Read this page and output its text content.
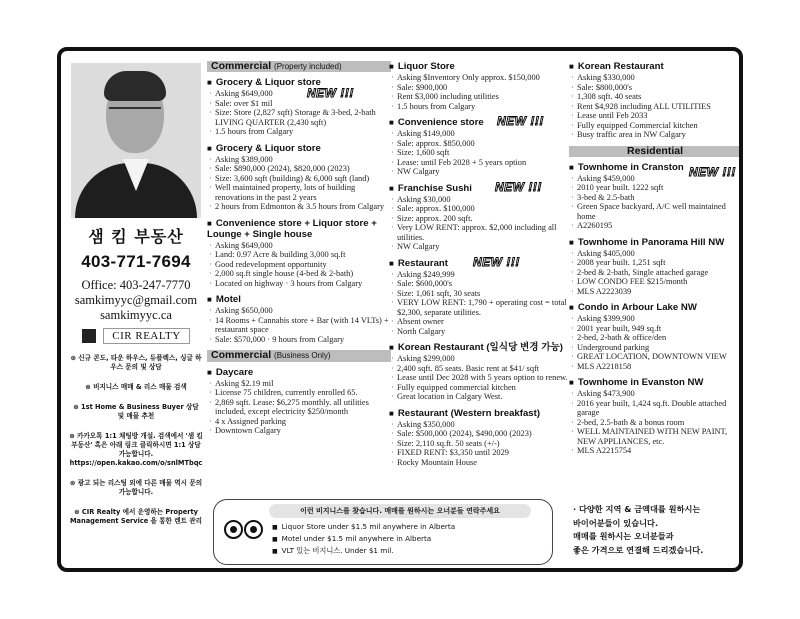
샘 킴 부동산
403-771-7694
Office: 403-247-7770
samkimyyc@gmail.com
samkimyyc.ca
CIR REALTY
⊛ 신규 콘도, 타운 하우스, 듀플렉스, 싱글 하우스 문의 및 상담
⊛ 비지니스 매매 & 리스 매물 검색
⊛ 1st Home & Business Buyer 상담 및 매물 추천
⊛ 카카오톡 1:1 채팅방 개설. 검색에서 '샘 킴 부동산' 혹은 아래 링크 클릭하시면 1:1 상담 가능합니다. https://open.kakao.com/o/snlMTbqc
⊛ 광고 되는 리스팅 외에 다른 매물 역시 문의 가능합니다.
⊛ CIR Realty 에서 운영하는 Property Management Service 을 통한 렌트 관리
Commercial (Property included)
■ Grocery & Liquor store
NEW !!!
· Asking $649,000
· Sale: over $1 mil
· Size: Store (2,827 sqft) Storage & 3-bed, 2-bath LIVING QUARTER (2,430 sqft)
· 1.5 hours from Calgary
■ Grocery & Liquor store
· Asking $389,000
· Sale: $890,000 (2024), $820,000 (2023)
· Size: 3,600 sqft (building) & 6,000 sqft (land)
· Well maintained property, lots of building renovations in the past 2 years
· 2 hours from Edmonton & 3.5 hours from Calgary
■ Convenience store + Liquor store + Lounge + Single house
· Asking $649,000
· Land: 0.97 Acre & building 3,000 sq.ft
· Good redevelopment opportunity
· 2,000 sq.ft single house (4-bed & 2-bath)
· Located on highway · 3 hours from Calgary
■ Motel
· Asking $650,000
· 14 Rooms + Cannabis store + Bar (with 14 VLTs) + restaurant space
· Sale: $570,000 · 9 hours from Calgary
Commercial (Business Only)
■ Daycare
· Asking $2.19 mil
· License 75 children, currently enrolled 65.
· 2,869 sqft. Lease: $6,275 monthly. all utilities included, except electricity $250/month
· 4 x Assigned parking
· Downtown Calgary
■ Liquor Store
· Asking $Inventory Only approx. $150,000
· Sale: $900,000
· Rent $3,000 including utilities
· 1.5 hours from Calgary
■ Convenience store	NEW !!!
· Asking $149,000
· Sale: approx. $850,000
· Size: 1,600 sqft
· Lease: until Feb 2028 + 5 years option
· NW Calgary
■ Franchise Sushi	NEW !!!
· Asking $30,000
· Sale: approx. $100,000
· Size: approx. 200 sqft.
· Very LOW RENT: approx. $2,000 including all utilities.
· NW Calgary
■ Restaurant	NEW !!!
· Asking $249,999
· Sale: $600,000's
· Size: 1,061 sqft, 30 seats
· VERY LOW RENT: 1,790 + operating cost = total $2,300, separate utilities.
· Absent owner
· North Calgary
■ Korean Restaurant (일식당 변경 가능)
· Asking $299,000
· 2,400 sqft. 85 seats. Basic rent at $41/ sqft
· Lease until Dec 2028 with 5 years option to renew.
· Fully equipped commercial kitchen
· Great location in Calgary West.
■ Restaurant (Western breakfast)
· Asking $350,000
· Sale: $500,000 (2024), $490,000 (2023)
· Size: 2,110 sq.ft. 50 seats (+/-)
· FIXED RENT: $3,350 until 2029
· Rocky Mountain House
■ Korean Restaurant
· Asking $330,000
· Sale: $800,000's
· 1,308 sqft. 40 seats
· Rent $4,928 including ALL UTILITIES
· Lease until Feb 2033
· Fully equipped Commercial kitchen
· Busy traffic area in NW Calgary
Residential
■ Townhome in Cranston NEW !!!
· Asking $459,000
· 2010 year built. 1222 sqft
· 3-bed & 2.5-bath
· Green Space backyard, A/C well maintained home
· A2260195
■ Townhome in Panorama Hill NW
· Asking $405,000
· 2008 year built. 1,251 sqft
· 2-bed & 2-bath, Single attached garage
· LOW CONDO FEE $215/month
· MLS A2223039
■ Condo in Arbour Lake NW
· Asking $399,900
· 2001 year built, 949 sq.ft
· 2-bed, 2-bath & office/den
· Underground parking
· GREAT LOCATION, DOWNTOWN VIEW
· MLS A2218158
■ Townhome in Evanston NW
· Asking $473,900
· 2016 year built, 1,424 sq.ft. Double attached garage
· 2-bed, 2.5-bath & a bonus room
· WELL MAINTAINED WITH NEW PAINT, NEW APPLIANCES, etc.
· MLS A2215754
이런 비지니스를 찾습니다. 매매를 원하시는 오너분들 연락주세요
■ Liquor Store under $1.5 mil anywhere in Alberta
■ Motel under $1.5 mil anywhere in Alberta
■ VLT 있는 비지니스. Under $1 mil.
· 다양한 지역 & 금액대를 원하시는
바이어분들이 있습니다.
매매를 원하시는 오너분들과
좋은 가격으로 연결해 드리겠습니다.
